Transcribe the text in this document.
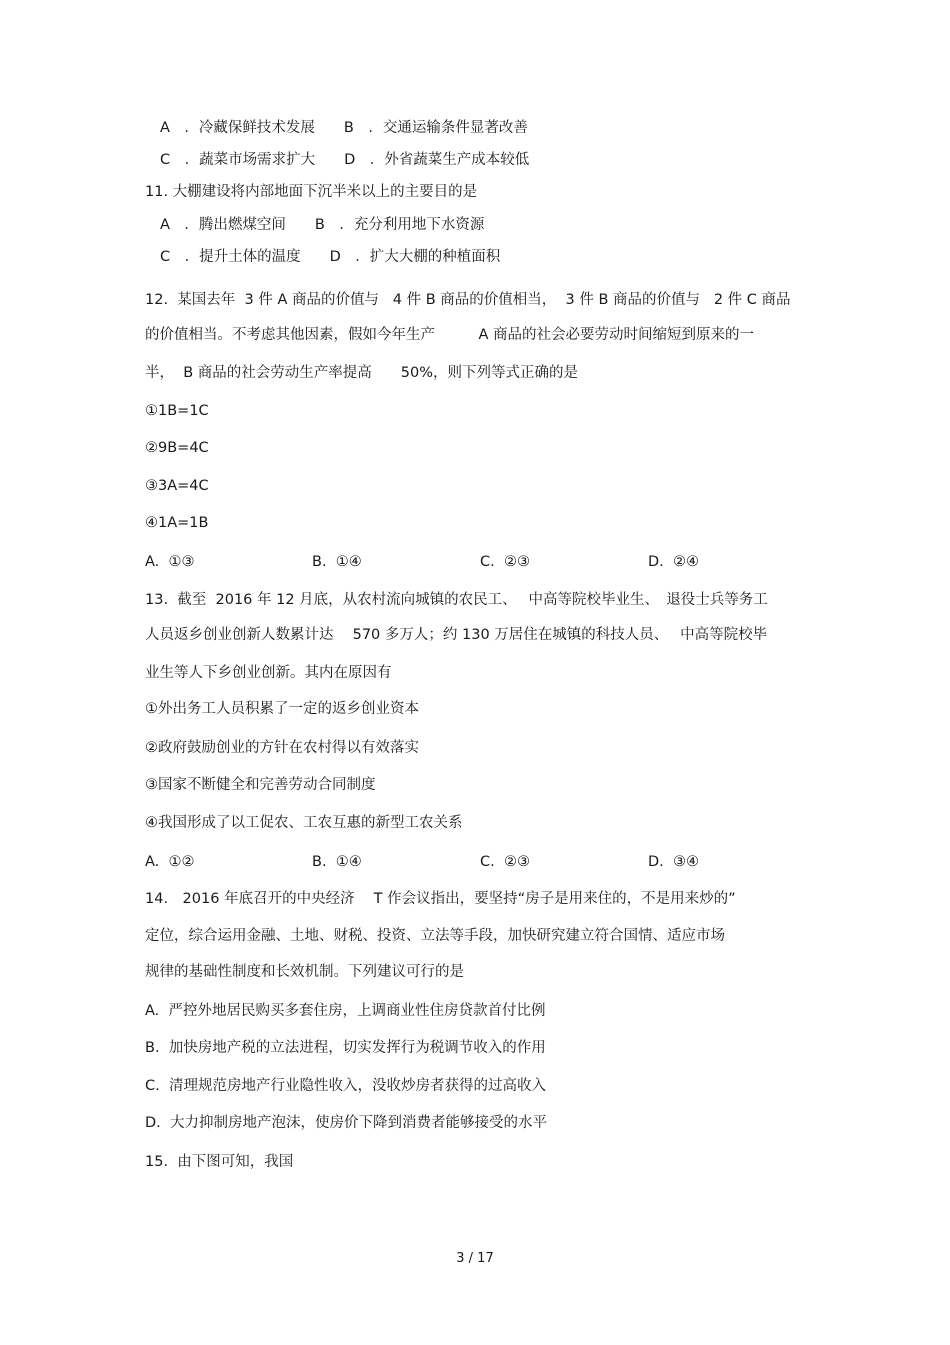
A　．冷藏保鲜技术发展　　B　．交通运输条件显著改善
C　．蔬菜市场需求扩大　　D　．外省蔬菜生产成本较低
11. 大棚建设将内部地面下沉半米以上的主要目的是
A　．腾出燃煤空间　　B　．充分利用地下水资源
C　．提升土体的温度　　D　．扩大大棚的种植面积
12.  某国去年  3 件 A 商品的价值与   4 件 B 商品的价值相当，  3 件 B 商品的价值与   2 件 C 商品
的价值相当。不考虑其他因素，假如今年生产　　　A 商品的社会必要劳动时间缩短到原来的一
半，  B 商品的社会劳动生产率提高　　50%，则下列等式正确的是
①1B=1C
②9B=4C
③3A=4C
④1A=1B
A.  ①③	B.  ①④	C.  ②③	D.  ②④
13.  截至  2016 年 12 月底，从农村流向城镇的农民工、　 中高等院校毕业生、　退役士兵等务工
人员返乡创业创新人数累计达　 570 多万人；约 130 万居住在城镇的科技人员、　 中高等院校毕
业生等人下乡创业创新。其内在原因有
①外出务工人员积累了一定的返乡创业资本
②政府鼓励创业的方针在农村得以有效落实
③国家不断健全和完善劳动合同制度
④我国形成了以工促农、工农互惠的新型工农关系
A.  ①②	B.  ①④	C.  ②③	D.  ③④
14.　2016 年底召开的中央经济　 T 作会议指出，要坚持“房子是用来住的，不是用来炒的”
定位，综合运用金融、土地、财税、投资、立法等手段，加快研究建立符合国情、适应市场
规律的基础性制度和长效机制。下列建议可行的是
A.  严控外地居民购买多套住房，上调商业性住房贷款首付比例
B.  加快房地产税的立法进程，切实发挥行为税调节收入的作用
C.  清理规范房地产行业隐性收入，没收炒房者获得的过高收入
D.  大力抑制房地产泡沫，使房价下降到消费者能够接受的水平
15.  由下图可知，我国
3 / 17
